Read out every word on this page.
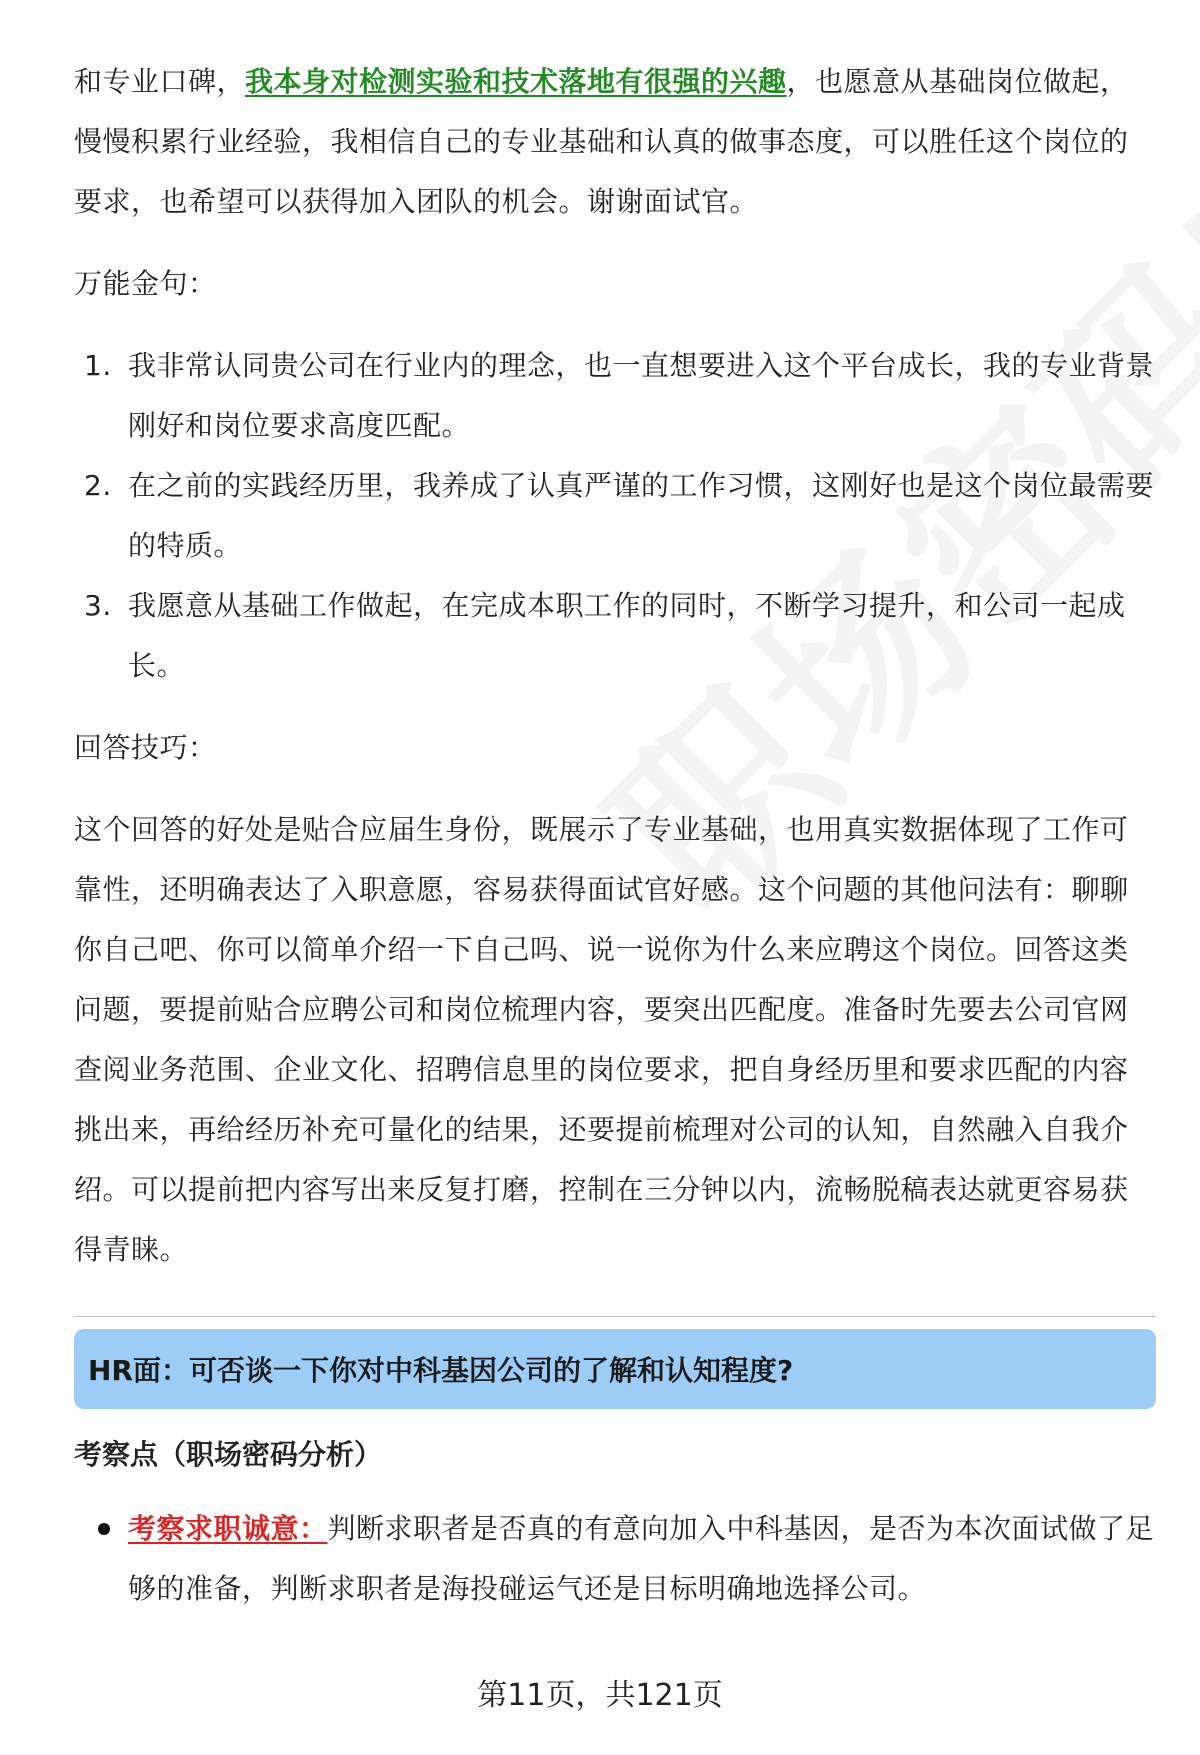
和专业口碑，我本身对检测实验和技术落地有很强的兴趣，也愿意从基础岗位做起，慢慢积累行业经验，我相信自己的专业基础和认真的做事态度，可以胜任这个岗位的要求，也希望可以获得加入团队的机会。谢谢面试官。

万能金句：

1. 我非常认同贵公司在行业内的理念，也一直想要进入这个平台成长，我的专业背景刚好和岗位要求高度匹配。
2. 在之前的实践经历里，我养成了认真严谨的工作习惯，这刚好也是这个岗位最需要的特质。
3. 我愿意从基础工作做起，在完成本职工作的同时，不断学习提升，和公司一起成长。

回答技巧：

这个回答的好处是贴合应届生身份，既展示了专业基础，也用真实数据体现了工作可靠性，还明确表达了入职意愿，容易获得面试官好感。这个问题的其他问法有：聊聊你自己吧、你可以简单介绍一下自己吗、说一说你为什么来应聘这个岗位。回答这类问题，要提前贴合应聘公司和岗位梳理内容，要突出匹配度。准备时先要去公司官网查阅业务范围、企业文化、招聘信息里的岗位要求，把自身经历里和要求匹配的内容挑出来，再给经历补充可量化的结果，还要提前梳理对公司的认知，自然融入自我介绍。可以提前把内容写出来反复打磨，控制在三分钟以内，流畅脱稿表达就更容易获得青睐。

HR面：可否谈一下你对中科基因公司的了解和认知程度?
考察点（职场密码分析）
考察求职诚意：判断求职者是否真的有意向加入中科基因，是否为本次面试做了足够的准备，判断求职者是海投碰运气还是目标明确地选择公司。
第11页，共121页
